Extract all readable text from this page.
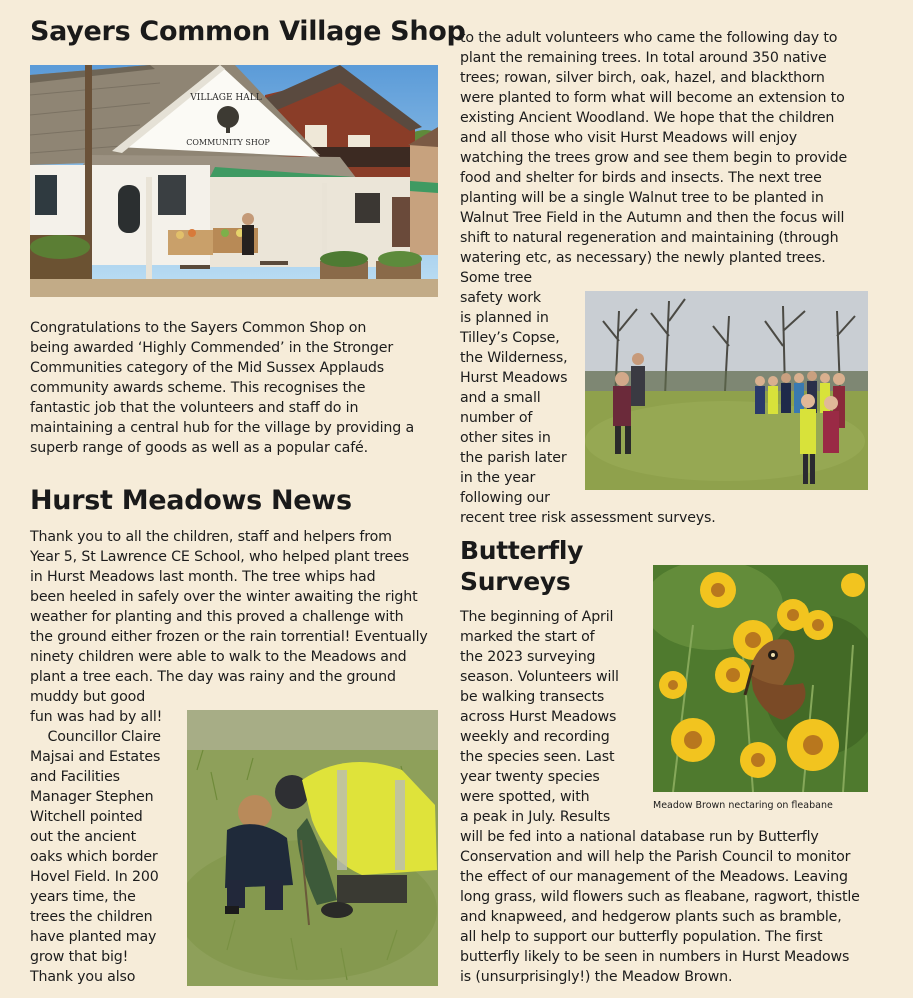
Sayers Common Village Shop
VILLAGE HALL
COMMUNITY SHOP
Congratulations to the Sayers Common Shop on
being awarded ‘Highly Commended’ in the Stronger
Communities category of the Mid Sussex Applauds
community awards scheme. This recognises the
fantastic job that the volunteers and staff do in
maintaining a central hub for the village by providing a
superb range of goods as well as a popular café.
Hurst Meadows News
Thank you to all the children, staff and helpers from
Year 5, St Lawrence CE School, who helped plant trees
in Hurst Meadows last month. The tree whips had
been heeled in safely over the winter awaiting the right
weather for planting and this proved a challenge with
the ground either frozen or the rain torrential! Eventually
ninety children were able to walk to the Meadows and
plant a tree each. The day was rainy and the ground
muddy but good
fun was had by all!
Councillor Claire
Majsai and Estates
and Facilities
Manager Stephen
Witchell pointed
out the ancient
oaks which border
Hovel Field. In 200
years time, the
trees the children
have planted may
grow that big!
Thank you also
to the adult volunteers who came the following day to
plant the remaining trees. In total around 350 native
trees; rowan, silver birch, oak, hazel, and blackthorn
were planted to form what will become an extension to
existing Ancient Woodland. We hope that the children
and all those who visit Hurst Meadows will enjoy
watching the trees grow and see them begin to provide
food and shelter for birds and insects. The next tree
planting will be a single Walnut tree to be planted in
Walnut Tree Field in the Autumn and then the focus will
shift to natural regeneration and maintaining (through
watering etc, as necessary) the newly planted trees.
Some tree
safety work
is planned in
Tilley’s Copse,
the Wilderness,
Hurst Meadows
and a small
number of
other sites in
the parish later
in the year
following our
recent tree risk assessment surveys.
Butterfly
Surveys
The beginning of April
marked the start of
the 2023 surveying
season. Volunteers will
be walking transects
across Hurst Meadows
weekly and recording
the species seen. Last
year twenty species
were spotted, with
a peak in July. Results
will be fed into a national database run by Butterfly
Conservation and will help the Parish Council to monitor
the effect of our management of the Meadows. Leaving
long grass, wild flowers such as fleabane, ragwort, thistle
and knapweed, and hedgerow plants such as bramble,
all help to support our butterfly population. The first
butterfly likely to be seen in numbers in Hurst Meadows
is (unsurprisingly!) the Meadow Brown.
Meadow Brown nectaring on fleabane
